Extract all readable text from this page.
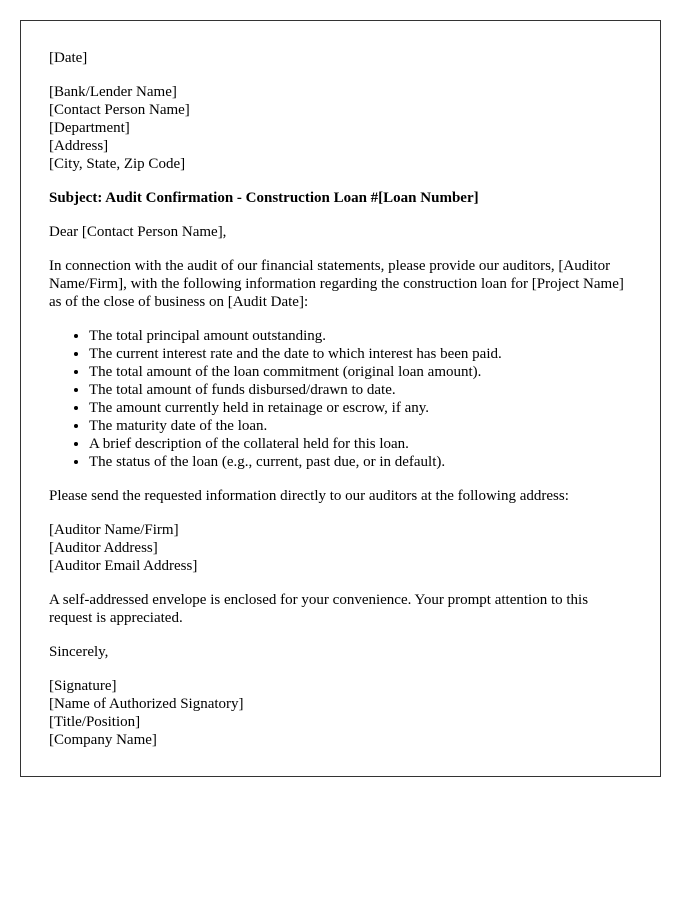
[Date]

[Bank/Lender Name]
[Contact Person Name]
[Department]
[Address]
[City, State, Zip Code]

Subject: Audit Confirmation - Construction Loan #[Loan Number]

Dear [Contact Person Name],

In connection with the audit of our financial statements, please provide our auditors, [Auditor Name/Firm], with the following information regarding the construction loan for [Project Name] as of the close of business on [Audit Date]:

• The total principal amount outstanding.
• The current interest rate and the date to which interest has been paid.
• The total amount of the loan commitment (original loan amount).
• The total amount of funds disbursed/drawn to date.
• The amount currently held in retainage or escrow, if any.
• The maturity date of the loan.
• A brief description of the collateral held for this loan.
• The status of the loan (e.g., current, past due, or in default).

Please send the requested information directly to our auditors at the following address:

[Auditor Name/Firm]
[Auditor Address]
[Auditor Email Address]

A self-addressed envelope is enclosed for your convenience. Your prompt attention to this request is appreciated.

Sincerely,

[Signature]
[Name of Authorized Signatory]
[Title/Position]
[Company Name]
